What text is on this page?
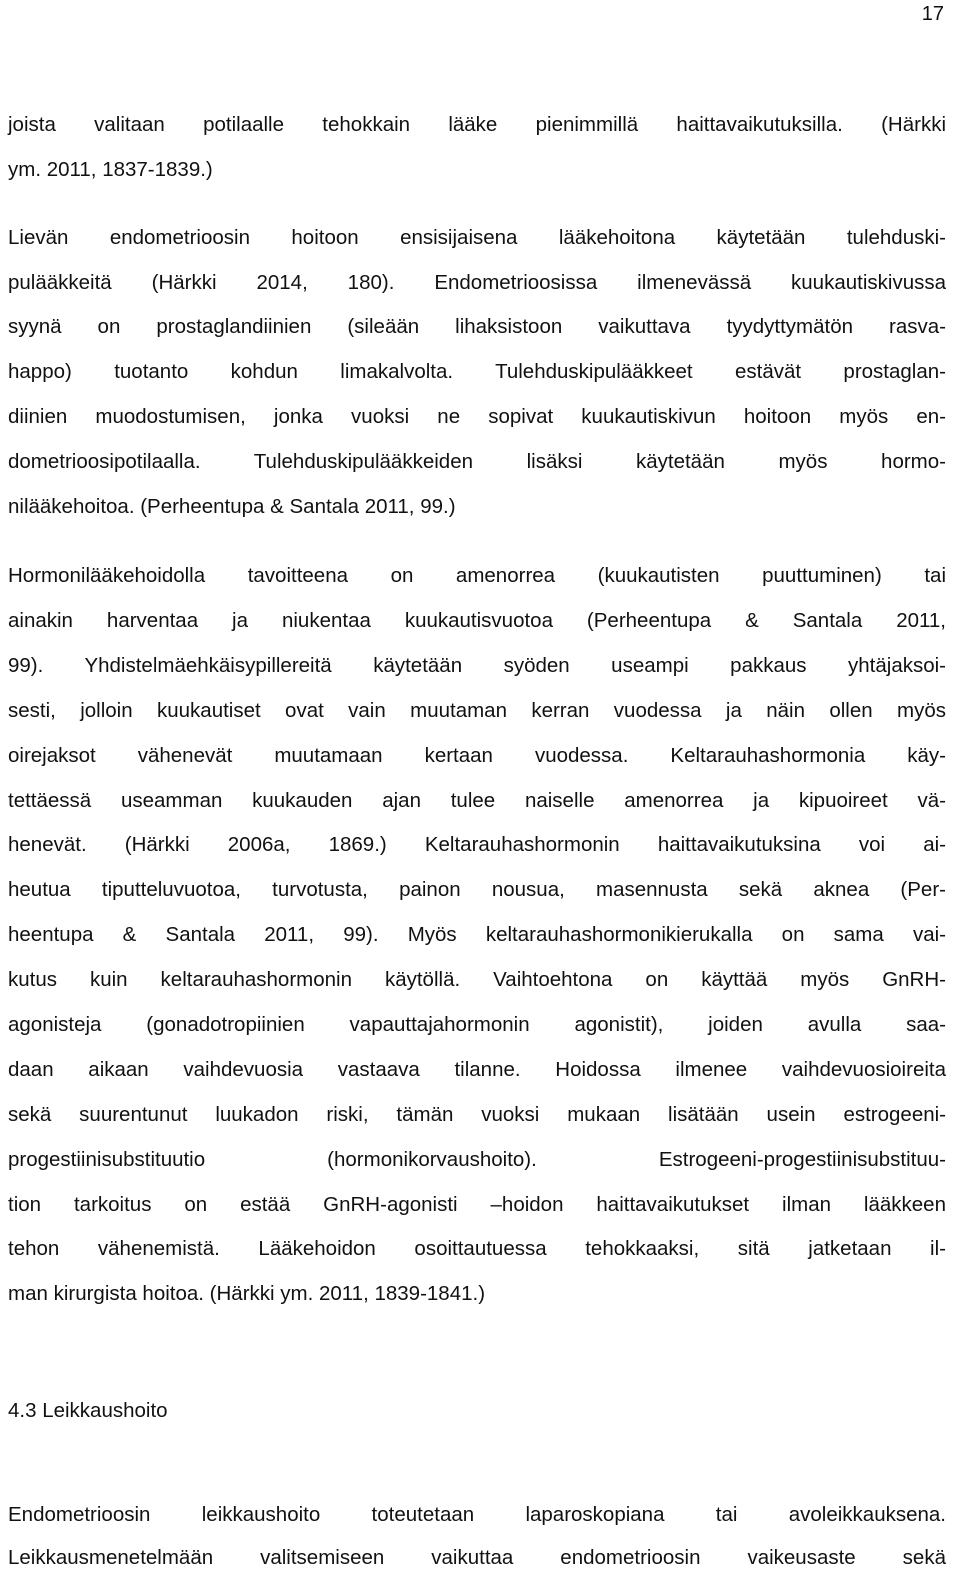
17
joista valitaan potilaalle tehokkain lääke pienimmillä haittavaikutuksilla. (Härkki
ym. 2011, 1837-1839.)
Lievän endometrioosin hoitoon ensisijaisena lääkehoitona käytetään tulehduski-
pulääkkeitä (Härkki 2014, 180). Endometrioosissa ilmenevässä kuukautiskivussa
syynä on prostaglandiinien (sileään lihaksistoon vaikuttava tyydyttymätön rasva-
happo) tuotanto kohdun limakalvolta. Tulehduskipulääkkeet estävät prostaglan-
diinien muodostumisen, jonka vuoksi ne sopivat kuukautiskivun hoitoon myös en-
dometrioosipotilaalla. Tulehduskipulääkkeiden lisäksi käytetään myös hormo-
nilääkehoitoa. (Perheentupa & Santala 2011, 99.)
Hormonilääkehoidolla tavoitteena on amenorrea (kuukautisten puuttuminen) tai
ainakin harventaa ja niukentaa kuukautisvuotoa (Perheentupa & Santala 2011,
99). Yhdistelmäehkäisypillereitä käytetään syöden useampi pakkaus yhtäjaksoi-
sesti, jolloin kuukautiset ovat vain muutaman kerran vuodessa ja näin ollen myös
oirejaksot vähenevät muutamaan kertaan vuodessa. Keltarauhashormonia käy-
tettäessä useamman kuukauden ajan tulee naiselle amenorrea ja kipuoireet vä-
henevät. (Härkki 2006a, 1869.) Keltarauhashormonin haittavaikutuksina voi ai-
heutua tiputteluvuotoa, turvotusta, painon nousua, masennusta sekä aknea (Per-
heentupa & Santala 2011, 99). Myös keltarauhashormonikierukalla on sama vai-
kutus kuin keltarauhashormonin käytöllä. Vaihtoehtona on käyttää myös GnRH-
agonisteja (gonadotropiinien vapauttajahormonin agonistit), joiden avulla saa-
daan aikaan vaihdevuosia vastaava tilanne. Hoidossa ilmenee vaihdevuosioireita
sekä suurentunut luukadon riski, tämän vuoksi mukaan lisätään usein estrogeeni-
progestiinisubstituutio (hormonikorvaushoito). Estrogeeni-progestiinisubstituu-
tion tarkoitus on estää GnRH-agonisti –hoidon haittavaikutukset ilman lääkkeen
tehon vähenemistä. Lääkehoidon osoittautuessa tehokkaaksi, sitä jatketaan il-
man kirurgista hoitoa. (Härkki ym. 2011, 1839-1841.)
4.3 Leikkaushoito
Endometrioosin leikkaushoito toteutetaan laparoskopiana tai avoleikkauksena.
Leikkausmenetelmään valitsemiseen vaikuttaa endometrioosin vaikeusaste sekä
